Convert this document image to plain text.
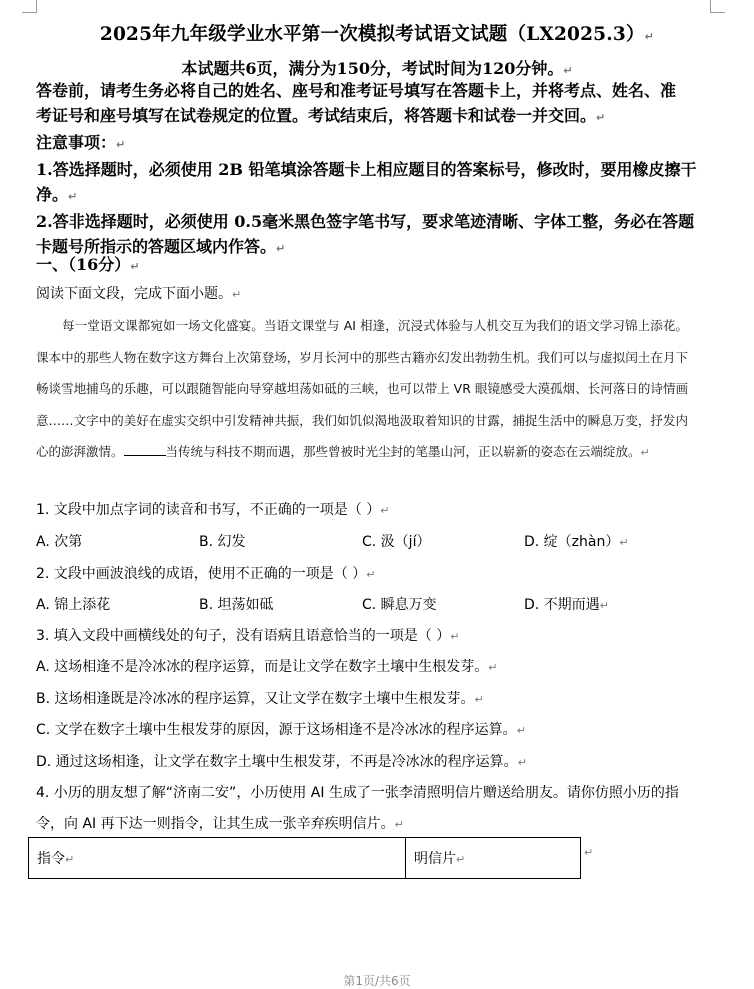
2025年九年级学业水平第一次模拟考试语文试题（LX2025.3）↵
本试题共6页，满分为150分，考试时间为120分钟。↵
答卷前，请考生务必将自己的姓名、座号和准考证号填写在答题卡上，并将考点、姓名、准
考证号和座号填写在试卷规定的位置。考试结束后，将答题卡和试卷一并交回。↵
注意事项：↵
1.答选择题时，必须使用 2B 铅笔填涂答题卡上相应题目的答案标号，修改时，要用橡皮擦干
净。↵
2.答非选择题时，必须使用 0.5毫米黑色签字笔书写，要求笔迹清晰、字体工整，务必在答题
卡题号所指示的答题区域内作答。↵
一、（16分）↵
阅读下面文段，完成下面小题。↵
每一堂语文课都宛如一场文化盛宴。当语文课堂与 AI 相逢，沉浸式体验与人机交互为我们的语文学习锦上添花。课本中的那些人物在数字这方舞台上次第登场，岁月长河中的那些古籍亦幻发出勃勃生机。我们可以与虚拟闰土在月下畅谈雪地捕鸟的乐趣，可以跟随智能向导穿越坦荡如砥的三峡，也可以带上 VR 眼镜感受大漠孤烟、长河落日的诗情画意……文字中的美好在虚实交织中引发精神共振，我们如饥似渴地汲取着知识的甘露，捕捉生活中的瞬息万变，抒发内心的澎湃激情。	当传统与科技不期而遇，那些曾被时光尘封的笔墨山河，正以崭新的姿态在云端绽放。↵
1. 文段中加点字词的读音和书写，不正确的一项是（ ）↵
A. 次第	B. 幻发	C. 汲（jí）	D. 绽（zhàn）↵
2. 文段中画波浪线的成语，使用不正确的一项是（ ）↵
A. 锦上添花	B. 坦荡如砥	C. 瞬息万变	D. 不期而遇↵
3. 填入文段中画横线处的句子，没有语病且语意恰当的一项是（ ）↵
A. 这场相逢不是冷冰冰的程序运算，而是让文学在数字土壤中生根发芽。↵
B. 这场相逢既是冷冰冰的程序运算，又让文学在数字土壤中生根发芽。↵
C. 文学在数字土壤中生根发芽的原因，源于这场相逢不是冷冰冰的程序运算。↵
D. 通过这场相逢，让文学在数字土壤中生根发芽，不再是冷冰冰的程序运算。↵
4. 小历的朋友想了解“济南二安”，小历使用 AI 生成了一张李清照明信片赠送给朋友。请你仿照小历的指
令，向 AI 再下达一则指令，让其生成一张辛弃疾明信片。↵
指令↵	明信片↵
↵
第1页/共6页
